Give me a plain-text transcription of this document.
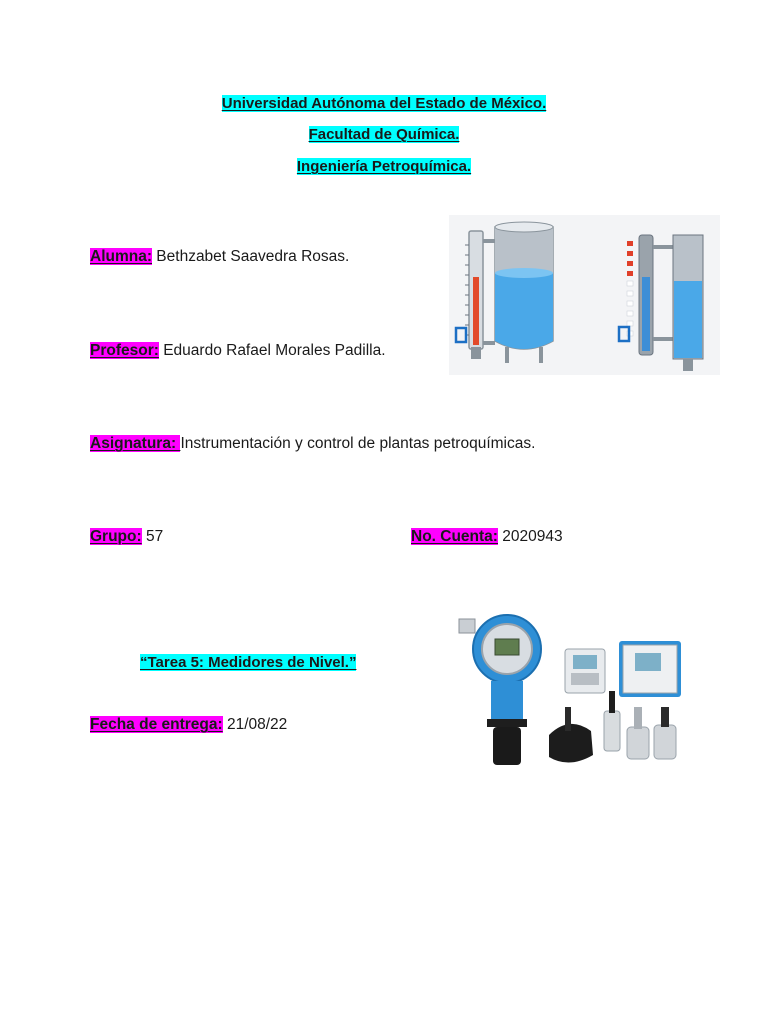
Universidad Autónoma del Estado de México.
Facultad de Química.
Ingeniería Petroquímica.
Alumna: Bethzabet Saavedra Rosas.
Profesor: Eduardo Rafael Morales Padilla.
Asignatura: Instrumentación y control de plantas petroquímicas.
Grupo: 57	No. Cuenta: 2020943
“Tarea 5: Medidores de Nivel.”
Fecha de entrega: 21/08/22
